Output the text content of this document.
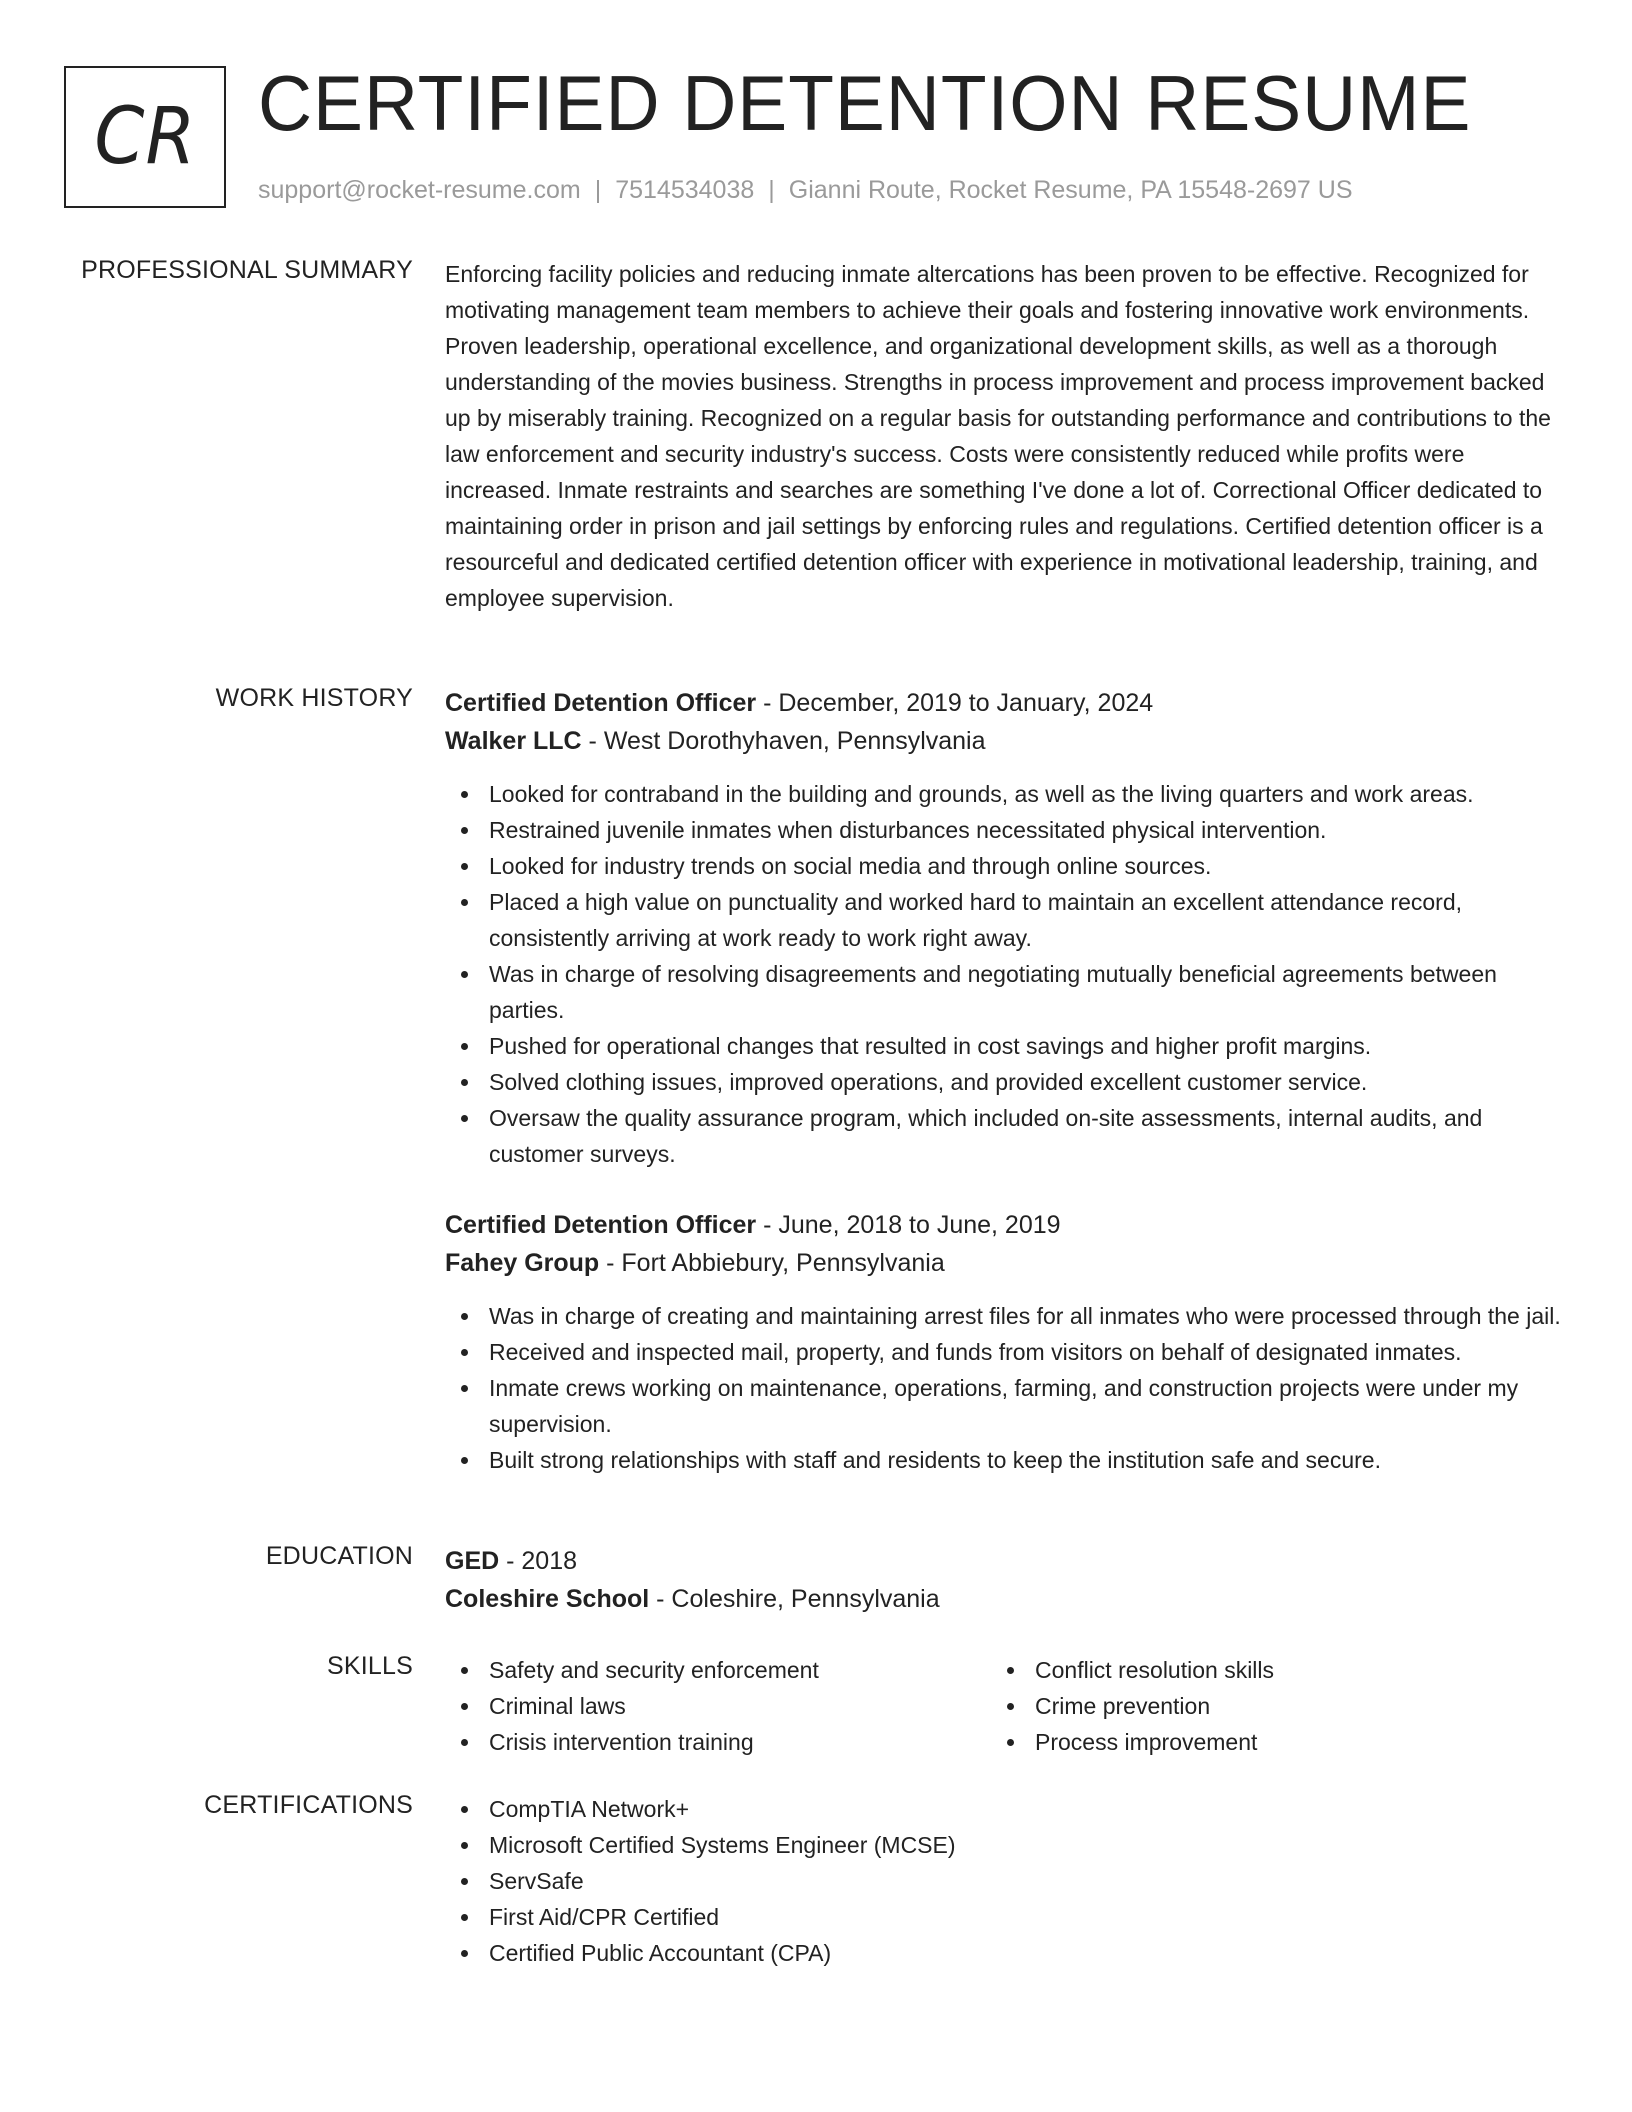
CR CERTIFIED DETENTION RESUME
support@rocket-resume.com | 7514534038 | Gianni Route, Rocket Resume, PA 15548-2697 US
PROFESSIONAL SUMMARY Enforcing facility policies and reducing inmate altercations has been proven to be effective. Recognized for motivating management team members to achieve their goals and fostering innovative work environments. Proven leadership, operational excellence, and organizational development skills, as well as a thorough understanding of the movies business. Strengths in process improvement and process improvement backed up by miserably training. Recognized on a regular basis for outstanding performance and contributions to the law enforcement and security industry's success. Costs were consistently reduced while profits were increased. Inmate restraints and searches are something I've done a lot of. Correctional Officer dedicated to maintaining order in prison and jail settings by enforcing rules and regulations. Certified detention officer is a resourceful and dedicated certified detention officer with experience in motivational leadership, training, and employee supervision.

WORK HISTORY Certified Detention Officer - December, 2019 to January, 2024
Walker LLC - West Dorothyhaven, Pennsylvania
Looked for contraband in the building and grounds, as well as the living quarters and work areas.
Restrained juvenile inmates when disturbances necessitated physical intervention.
Looked for industry trends on social media and through online sources.
Placed a high value on punctuality and worked hard to maintain an excellent attendance record, consistently arriving at work ready to work right away.
Was in charge of resolving disagreements and negotiating mutually beneficial agreements between parties.
Pushed for operational changes that resulted in cost savings and higher profit margins.
Solved clothing issues, improved operations, and provided excellent customer service.
Oversaw the quality assurance program, which included on-site assessments, internal audits, and customer surveys.
Certified Detention Officer - June, 2018 to June, 2019
Fahey Group - Fort Abbiebury, Pennsylvania
Was in charge of creating and maintaining arrest files for all inmates who were processed through the jail.
Received and inspected mail, property, and funds from visitors on behalf of designated inmates.
Inmate crews working on maintenance, operations, farming, and construction projects were under my supervision.
Built strong relationships with staff and residents to keep the institution safe and secure.
EDUCATION GED - 2018
Coleshire School - Coleshire, Pennsylvania
SKILLS	Safety and security enforcement
Criminal laws
Crisis intervention training
Conflict resolution skills
Crime prevention
Process improvement
CERTIFICATIONS	CompTIA Network+
Microsoft Certified Systems Engineer (MCSE)
ServSafe
First Aid/CPR Certified
Certified Public Accountant (CPA)
